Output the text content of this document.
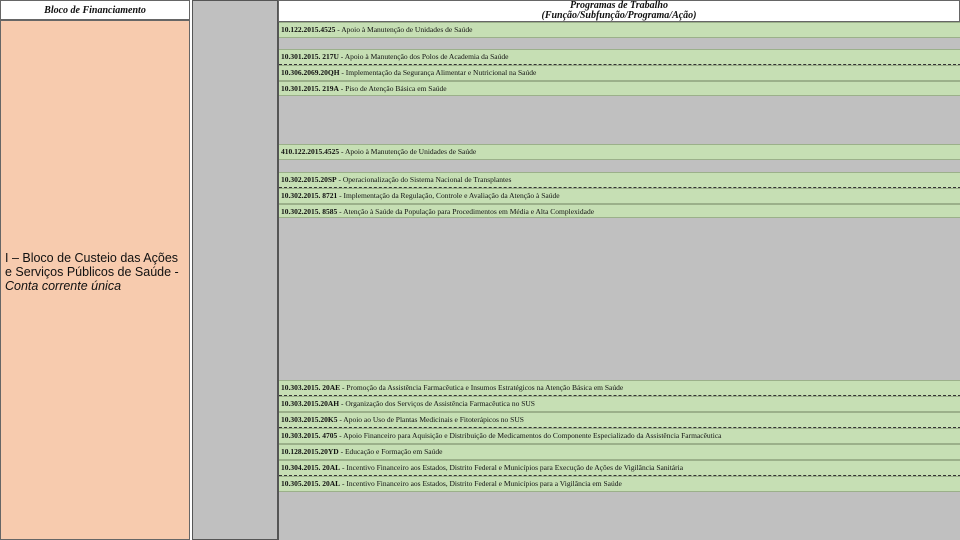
Bloco de Financiamento
I – Bloco de Custeio das Ações e Serviços Públicos de Saúde -
Conta corrente única
Programas de Trabalho
(Função/Subfunção/Programa/Ação)
10.122.2015.4525 - Apoio à Manutenção de Unidades de Saúde
10.301.2015. 217U - Apoio à Manutenção dos Polos de Academia da Saúde
10.306.2069.20QH - Implementação da Segurança Alimentar e Nutricional na Saúde
10.301.2015. 219A - Piso de Atenção Básica em Saúde
410.122.2015.4525 - Apoio à Manutenção de Unidades de Saúde
10.302.2015.20SP - Operacionalização do Sistema Nacional de Transplantes
10.302.2015. 8721 - Implementação da Regulação, Controle e Avaliação da Atenção à Saúde
10.302.2015. 8585 - Atenção à Saúde da População para Procedimentos em Média e Alta Complexidade
10.303.2015. 20AE - Promoção da Assistência Farmacêutica e Insumos Estratégicos na Atenção Básica em Saúde
10.303.2015.20AH - Organização dos Serviços de Assistência Farmacêutica no SUS
10.303.2015.20K5 - Apoio ao Uso de Plantas Medicinais e Fitoterápicos no SUS
10.303.2015. 4705 - Apoio Financeiro para Aquisição e Distribuição de Medicamentos do Componente Especializado da Assistência Farmacêutica
10.128.2015.20YD - Educação e Formação em Saúde
10.304.2015. 20AL - Incentivo Financeiro aos Estados, Distrito Federal e Municípios para Execução de Ações de Vigilância Sanitária
10.305.2015. 20AL - Incentivo Financeiro aos Estados, Distrito Federal e Municípios para a Vigilância em Saúde
